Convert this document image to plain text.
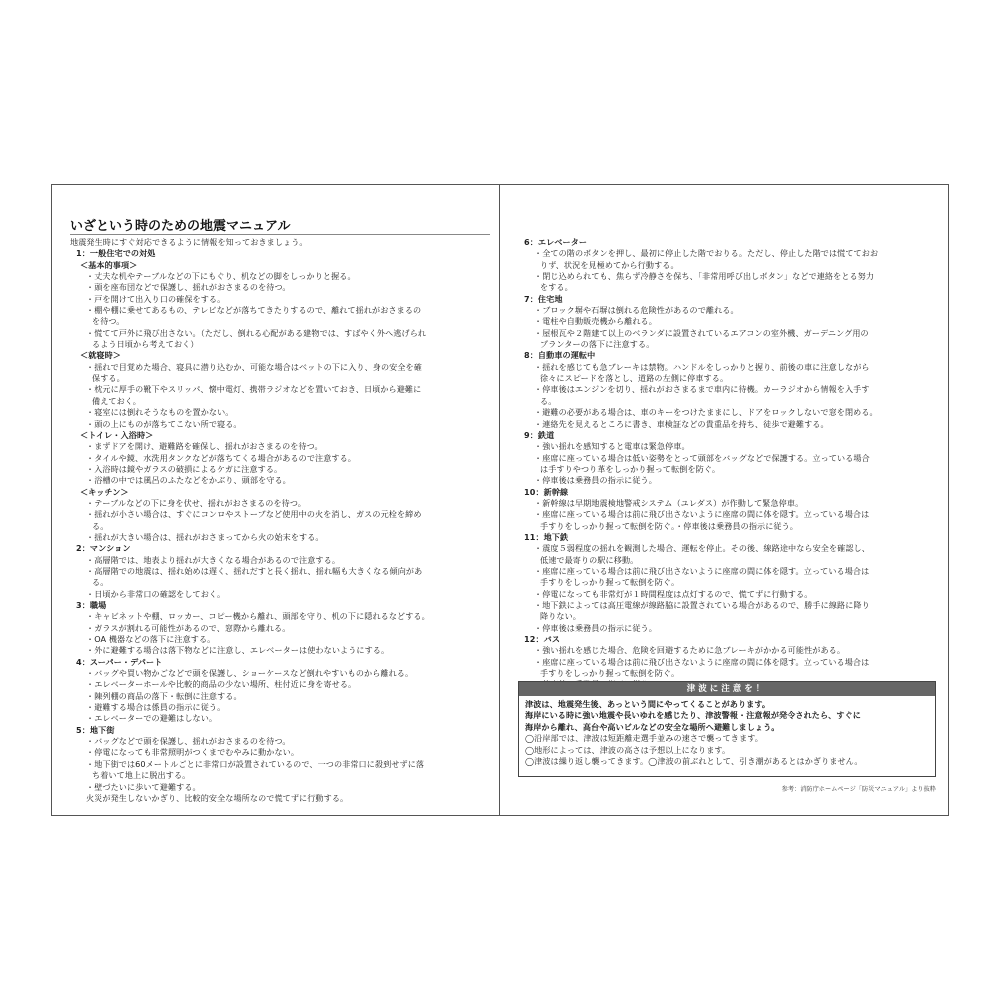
いざという時のための地震マニュアル
地震発生時にすぐ対応できるように情報を知っておきましょう。
1：一般住宅での対処
＜基本的事項＞
・丈夫な机やテーブルなどの下にもぐり、机などの脚をしっかりと握る。
・頭を座布団などで保護し、揺れがおさまるのを待つ。
・戸を開けて出入り口の確保をする。
・棚や棚に乗せてあるもの、テレビなどが落ちてきたりするので、離れて揺れがおさまるの
を待つ。
・慌てて戸外に飛び出さない。（ただし、倒れる心配がある建物では、すばやく外へ逃げられ
るよう日頃から考えておく）
＜就寝時＞
・揺れで目覚めた場合、寝具に潜り込むか、可能な場合はベットの下に入り、身の安全を確
保する。
・枕元に厚手の靴下やスリッパ、懐中電灯、携帯ラジオなどを置いておき、日頃から避難に
備えておく。
・寝室には倒れそうなものを置かない。
・頭の上にものが落ちてこない所で寝る。
＜トイレ・入浴時＞
・まずドアを開け、避難路を確保し、揺れがおさまるのを待つ。
・タイルや鏡、水洗用タンクなどが落ちてくる場合があるので注意する。
・入浴時は鏡やガラスの破損によるケガに注意する。
・浴槽の中では風呂のふたなどをかぶり、頭部を守る。
＜キッチン＞
・テーブルなどの下に身を伏せ、揺れがおさまるのを待つ。
・揺れが小さい場合は、すぐにコンロやストーブなど使用中の火を消し、ガスの元栓を締め
る。
・揺れが大きい場合は、揺れがおさまってから火の始末をする。
2：マンション
・高層階では、地表より揺れが大きくなる場合があるので注意する。
・高層階での地震は、揺れ始めは遅く、揺れだすと長く揺れ、揺れ幅も大きくなる傾向があ
る。
・日頃から非常口の確認をしておく。
3：職場
・キャビネットや棚、ロッカー、コピー機から離れ、頭部を守り、机の下に隠れるなどする。
・ガラスが割れる可能性があるので、窓際から離れる。
・OA 機器などの落下に注意する。
・外に避難する場合は落下物などに注意し、エレベーターは使わないようにする。
4：スーパー・デパート
・バッグや買い物かごなどで頭を保護し、ショーケースなど倒れやすいものから離れる。
・エレベーターホールや比較的商品の少ない場所、柱付近に身を寄せる。
・陳列棚の商品の落下・転倒に注意する。
・避難する場合は係員の指示に従う。
・エレベーターでの避難はしない。
5：地下街
・バッグなどで頭を保護し、揺れがおさまるのを待つ。
・停電になっても非常照明がつくまでむやみに動かない。
・地下街では60メートルごとに非常口が設置されているので、一つの非常口に殺到せずに落
ち着いて地上に脱出する。
・壁づたいに歩いて避難する。
火災が発生しないかぎり、比較的安全な場所なので慌てずに行動する。
6：エレベーター
・全ての階のボタンを押し、最初に停止した階でおりる。ただし、停止した階では慌てておお
りず、状況を見極めてから行動する。
・閉じ込められても、焦らず冷静さを保ち、「非常用呼び出しボタン」などで連絡をとる努力
をする。
7：住宅地
・ブロック塀や石塀は倒れる危険性があるので離れる。
・電柱や自動販売機から離れる。
・屋根瓦や２階建て以上のベランダに設置されているエアコンの室外機、ガーデニング用の
プランターの落下に注意する。
8：自動車の運転中
・揺れを感じても急ブレーキは禁物。ハンドルをしっかりと握り、前後の車に注意しながら
徐々にスピードを落とし、道路の左側に停車する。
・停車後はエンジンを切り、揺れがおさまるまで車内に待機。カーラジオから情報を入手す
る。
・避難の必要がある場合は、車のキーをつけたままにし、ドアをロックしないで窓を閉める。
・連絡先を見えるところに書き、車検証などの貴重品を持ち、徒歩で避難する。
9：鉄道
・強い揺れを感知すると電車は緊急停車。
・座席に座っている場合は低い姿勢をとって頭部をバッグなどで保護する。立っている場合
は手すりやつり革をしっかり握って転倒を防ぐ。
・停車後は乗務員の指示に従う。
10：新幹線
・新幹線は早期地震検地警戒システム（ユレダス）が作動して緊急停車。
・座席に座っている場合は前に飛び出さないように座席の間に体を隠す。立っている場合は
手すりをしっかり握って転倒を防ぐ。・停車後は乗務員の指示に従う。
11：地下鉄
・震度５弱程度の揺れを観測した場合、運転を停止。その後、線路途中なら安全を確認し、
低速で最寄りの駅に移動。
・座席に座っている場合は前に飛び出さないように座席の間に体を隠す。立っている場合は
手すりをしっかり握って転倒を防ぐ。
・停電になっても非常灯が１時間程度は点灯するので、慌てずに行動する。
・地下鉄によっては高圧電線が線路脇に設置されている場合があるので、勝手に線路に降り
降りない。
・停車後は乗務員の指示に従う。
12：バス
・強い揺れを感じた場合、危険を回避するために急ブレーキがかかる可能性がある。
・座席に座っている場合は前に飛び出さないように座席の間に体を隠す。立っている場合は
手すりをしっかり握って転倒を防ぐ。
津波に注意を！
津波は、地震発生後、あっという間にやってくることがあります。
海岸にいる時に強い地震や長いゆれを感じたり、津波警報・注意報が発令されたら、すぐに
海岸から離れ、高台や高いビルなどの安全な場所へ避難しましょう。
◯沿岸部では、津波は短距離走選手並みの速さで襲ってきます。
◯地形によっては、津波の高さは予想以上になります。
◯津波は繰り返し襲ってきます。◯津波の前ぶれとして、引き潮があるとはかぎりません。
参考：消防庁ホームページ「防災マニュアル」より抜粋
